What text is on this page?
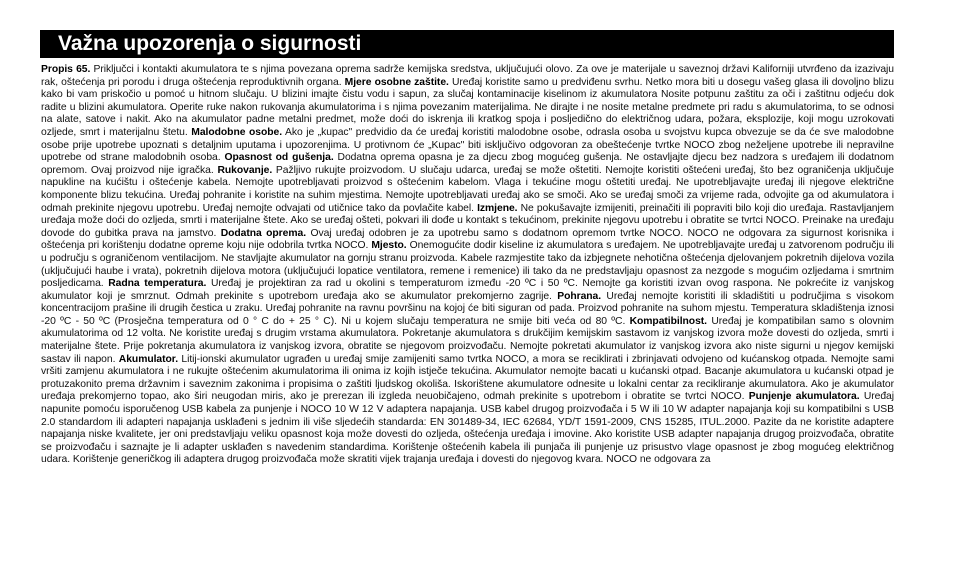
Važna upozorenja o sigurnosti

Propis 65. Priključci i kontakti akumulatora te s njima povezana oprema sadrže kemijska sredstva, uključujući olovo. Za ove je materijale u saveznoj državi Kaliforniji utvrđeno da izazivaju rak, oštećenja pri porodu i druga oštećenja reproduktivnih organa. Mjere osobne zaštite. Uređaj koristite samo u predviđenu svrhu. Netko mora biti u dosegu vašeg glasa ili dovoljno blizu kako bi vam priskočio u pomoć u hitnom slučaju. U blizini imajte čistu vodu i sapun, za slučaj kontaminacije kiselinom iz akumulatora Nosite potpunu zaštitu za oči i zaštitnu odjeću dok radite u blizini akumulatora. Operite ruke nakon rukovanja akumulatorima i s njima povezanim materijalima. Ne dirajte i ne nosite metalne predmete pri radu s akumulatorima, to se odnosi na alate, satove i nakit. Ako na akumulator padne metalni predmet, može doći do iskrenja ili kratkog spoja i posljedično do električnog udara, požara, eksplozije, koji mogu uzrokovati ozljede, smrt i materijalnu štetu. Malodobne osobe. Ako je „kupac" predvidio da će uređaj koristiti malodobne osobe, odrasla osoba u svojstvu kupca obvezuje se da će sve malodobne osobe prije upotrebe upoznati s detaljnim uputama i upozorenjima. U protivnom će „Kupac" biti isključivo odgovoran za obeštećenje tvrtke NOCO zbog neželjene upotrebe ili nepravilne upotrebe od strane malodobnih osoba. Opasnost od gušenja. Dodatna oprema opasna je za djecu zbog mogućeg gušenja. Ne ostavljajte djecu bez nadzora s uređajem ili dodatnom opremom. Ovaj proizvod nije igračka. Rukovanje. Pažljivo rukujte proizvodom. U slučaju udarca, uređaj se može oštetiti. Nemojte koristiti oštećeni uređaj, što bez ograničenja uključuje napukline na kućištu i oštećenje kabela. Nemojte upotrebljavati proizvod s oštećenim kabelom. Vlaga i tekućine mogu oštetiti uređaj. Ne upotrebljavajte uređaj ili njegove električne komponente blizu tekućina. Uređaj pohranite i koristite na suhim mjestima. Nemojte upotrebljavati uređaj ako se smoči. Ako se uređaj smoči za vrijeme rada, odvojite ga od akumulatora i odmah prekinite njegovu upotrebu. Uređaj nemojte odvajati od utičnice tako da povlačite kabel. Izmjene. Ne pokušavajte izmijeniti, preinačiti ili popraviti bilo koji dio uređaja. Rastavljanjem uređaja može doći do ozljeda, smrti i materijalne štete. Ako se uređaj ošteti, pokvari ili dođe u kontakt s tekućinom, prekinite njegovu upotrebu i obratite se tvrtci NOCO. Preinake na uređaju dovode do gubitka prava na jamstvo. Dodatna oprema. Ovaj uređaj odobren je za upotrebu samo s dodatnom opremom tvrtke NOCO. NOCO ne odgovara za sigurnost korisnika i oštećenja pri korištenju dodatne opreme koju nije odobrila tvrtka NOCO. Mjesto. Onemogućite dodir kiseline iz akumulatora s uređajem. Ne upotrebljavajte uređaj u zatvorenom području ili u području s ograničenom ventilacijom. Ne stavljajte akumulator na gornju stranu proizvoda. Kabele razmjestite tako da izbjegnete nehotična oštećenja djelovanjem pokretnih dijelova vozila (uključujući haube i vrata), pokretnih dijelova motora (uključujući lopatice ventilatora, remene i remenice) ili tako da ne predstavljaju opasnost za nezgode s mogućim ozljedama i smrtnim posljedicama. Radna temperatura. Uređaj je projektiran za rad u okolini s temperaturom između -20 ºC i 50 ºC. Nemojte ga koristiti izvan ovog raspona. Ne pokrećite iz vanjskog akumulator koji je smrznut. Odmah prekinite s upotrebom uređaja ako se akumulator prekomjerno zagrije. Pohrana. Uređaj nemojte koristiti ili skladištiti u područjima s visokom koncentracijom prašine ili drugih čestica u zraku. Uređaj pohranite na ravnu površinu na kojoj će biti siguran od pada. Proizvod pohranite na suhom mjestu. Temperatura skladištenja iznosi -20 ºC - 50 ºC (Prosječna temperatura od 0 ° C do + 25 ° C). Ni u kojem slučaju temperatura ne smije biti veća od 80 ºC. Kompatibilnost. Uređaj je kompatibilan samo s olovnim akumulatorima od 12 volta. Ne koristite uređaj s drugim vrstama akumulatora. Pokretanje akumulatora s drukčijim kemijskim sastavom iz vanjskog izvora može dovesti do ozljeda, smrti i materijalne štete. Prije pokretanja akumulatora iz vanjskog izvora, obratite se njegovom proizvođaču. Nemojte pokretati akumulator iz vanjskog izvora ako niste sigurni u njegov kemijski sastav ili napon. Akumulator. Litij-ionski akumulator ugrađen u uređaj smije zamijeniti samo tvrtka NOCO, a mora se reciklirati i zbrinjavati odvojeno od kućanskog otpada. Nemojte sami vršiti zamjenu akumulatora i ne rukujte oštećenim akumulatorima ili onima iz kojih istječe tekućina. Akumulator nemojte bacati u kućanski otpad. Bacanje akumulatora u kućanski otpad je protuzakonito prema državnim i saveznim zakonima i propisima o zaštiti ljudskog okoliša. Iskorištene akumulatore odnesite u lokalni centar za recikliranje akumulatora. Ako je akumulator uređaja prekomjerno topao, ako širi neugodan miris, ako je prerezan ili izgleda neuobičajeno, odmah prekinite s upotrebom i obratite se tvrtci NOCO. Punjenje akumulatora. Uređaj napunite pomoću isporučenog USB kabela za punjenje i NOCO 10 W 12 V adaptera napajanja. USB kabel drugog proizvođača i 5 W ili 10 W adapter napajanja koji su kompatibilni s USB 2.0 standardom ili adapteri napajanja usklađeni s jednim ili više sljedećih standarda: EN 301489-34, IEC 62684, YD/T 1591-2009, CNS 15285, ITUL.2000. Pazite da ne koristite adaptere napajanja niske kvalitete, jer oni predstavljaju veliku opasnost koja može dovesti do ozljeda, oštećenja uređaja i imovine. Ako koristite USB adapter napajanja drugog proizvođača, obratite se proizvođaču i saznajte je li adapter usklađen s navedenim standardima. Korištenje oštećenih kabela ili punjača ili punjenje uz prisustvo vlage opasnost je zbog mogućeg električnog udara. Korištenje generičkog ili adaptera drugog proizvođača može skratiti vijek trajanja uređaja i dovesti do njegovog kvara. NOCO ne odgovara za
